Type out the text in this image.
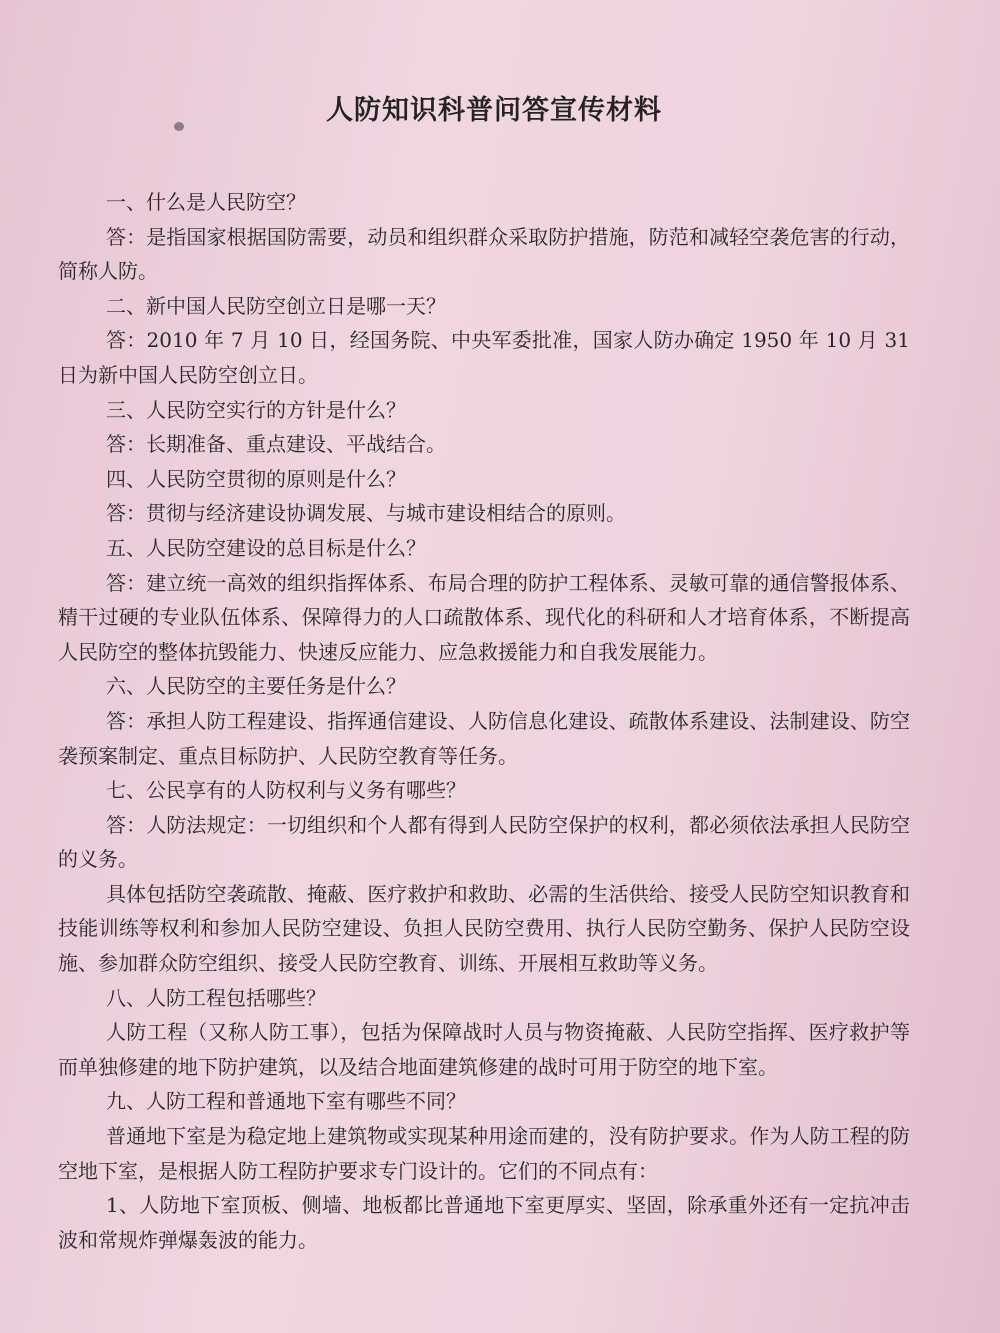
人防知识科普问答宣传材料

一、什么是人民防空？

答：是指国家根据国防需要，动员和组织群众采取防护措施，防范和减轻空袭危害的行动，简称人防。

二、新中国人民防空创立日是哪一天？

答：2010 年 7 月 10 日，经国务院、中央军委批准，国家人防办确定 1950 年 10 月 31 日为新中国人民防空创立日。

三、人民防空实行的方针是什么？

答：长期准备、重点建设、平战结合。

四、人民防空贯彻的原则是什么？

答：贯彻与经济建设协调发展、与城市建设相结合的原则。

五、人民防空建设的总目标是什么？

答：建立统一高效的组织指挥体系、布局合理的防护工程体系、灵敏可靠的通信警报体系、精干过硬的专业队伍体系、保障得力的人口疏散体系、现代化的科研和人才培育体系，不断提高人民防空的整体抗毁能力、快速反应能力、应急救援能力和自我发展能力。

六、人民防空的主要任务是什么？

答：承担人防工程建设、指挥通信建设、人防信息化建设、疏散体系建设、法制建设、防空袭预案制定、重点目标防护、人民防空教育等任务。

七、公民享有的人防权利与义务有哪些？

答：人防法规定：一切组织和个人都有得到人民防空保护的权利，都必须依法承担人民防空的义务。

具体包括防空袭疏散、掩蔽、医疗救护和救助、必需的生活供给、接受人民防空知识教育和技能训练等权利和参加人民防空建设、负担人民防空费用、执行人民防空勤务、保护人民防空设施、参加群众防空组织、接受人民防空教育、训练、开展相互救助等义务。

八、人防工程包括哪些？

人防工程（又称人防工事），包括为保障战时人员与物资掩蔽、人民防空指挥、医疗救护等而单独修建的地下防护建筑，以及结合地面建筑修建的战时可用于防空的地下室。

九、人防工程和普通地下室有哪些不同？

普通地下室是为稳定地上建筑物或实现某种用途而建的，没有防护要求。作为人防工程的防空地下室，是根据人防工程防护要求专门设计的。它们的不同点有：

1、人防地下室顶板、侧墙、地板都比普通地下室更厚实、坚固，除承重外还有一定抗冲击波和常规炸弹爆轰波的能力。
